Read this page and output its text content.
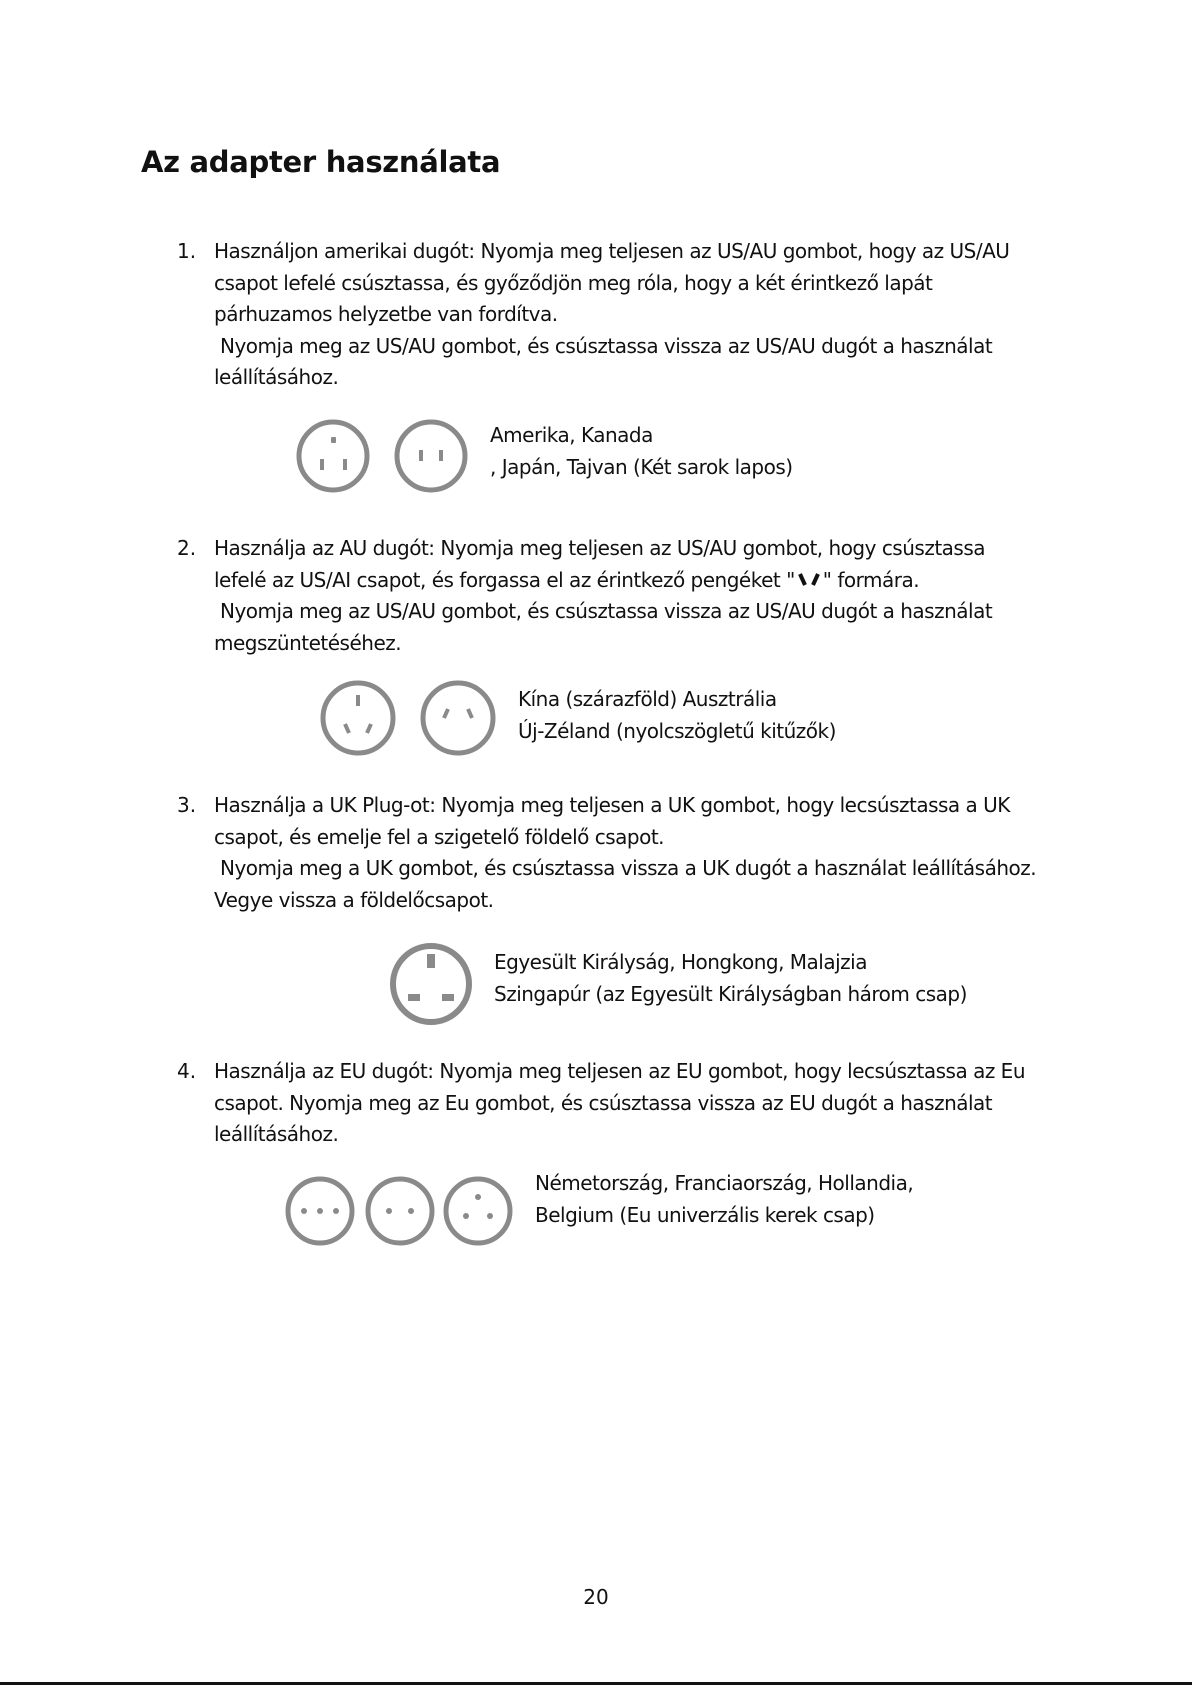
Az adapter használata
1. Használjon amerikai dugót: Nyomja meg teljesen az US/AU gombot, hogy az US/AU

csapot lefelé csúsztassa, és győződjön meg róla, hogy a két érintkező lapát

párhuzamos helyzetbe van fordítva.

Nyomja meg az US/AU gombot, és csúsztassa vissza az US/AU dugót a használat

leállításához.

Amerika, Kanada

, Japán, Tajvan (Két sarok lapos)

2. Használja az AU dugót: Nyomja meg teljesen az US/AU gombot, hogy csúsztassa

lefelé az US/AI csapot, és forgassa el az érintkező pengéket " " formára.

Nyomja meg az US/AU gombot, és csúsztassa vissza az US/AU dugót a használat

megszüntetéséhez.

Kína (szárazföld) Ausztrália

Új-Zéland (nyolcszögletű kitűzők)

3. Használja a UK Plug-ot: Nyomja meg teljesen a UK gombot, hogy lecsúsztassa a UK

csapot, és emelje fel a szigetelő földelő csapot.

Nyomja meg a UK gombot, és csúsztassa vissza a UK dugót a használat leállításához.

Vegye vissza a földelőcsapot.

Egyesült Királyság, Hongkong, Malajzia

Szingapúr (az Egyesült Királyságban három csap)

4. Használja az EU dugót: Nyomja meg teljesen az EU gombot, hogy lecsúsztassa az Eu

csapot. Nyomja meg az Eu gombot, és csúsztassa vissza az EU dugót a használat

leállításához.

Németország, Franciaország, Hollandia,

Belgium (Eu univerzális kerek csap)

20
